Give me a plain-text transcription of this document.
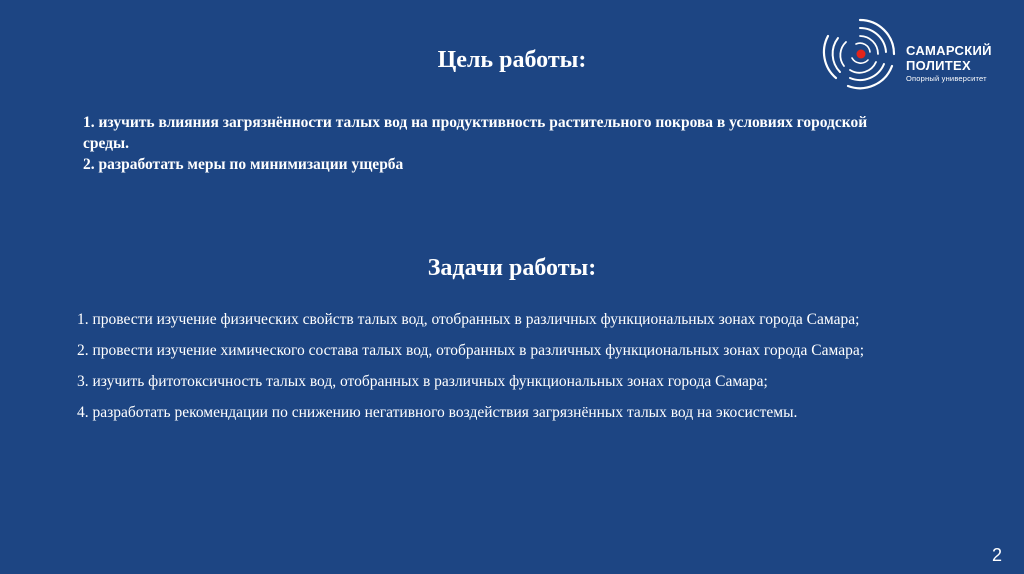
САМАРСКИЙ
ПОЛИТЕХ
Опорный университет
Цель работы:
1. изучить влияния загрязнённости талых вод на продуктивность растительного покрова в условиях городской среды.
2. разработать меры по минимизации ущерба
Задачи работы:
1. провести изучение физических свойств талых вод, отобранных в различных функциональных зонах города Самара;
2. провести изучение химического состава талых вод, отобранных в различных функциональных зонах города Самара;
3. изучить фитотоксичность талых вод, отобранных в различных функциональных зонах города Самара;
4. разработать рекомендации по снижению негативного воздействия загрязнённых талых вод на экосистемы.
2
